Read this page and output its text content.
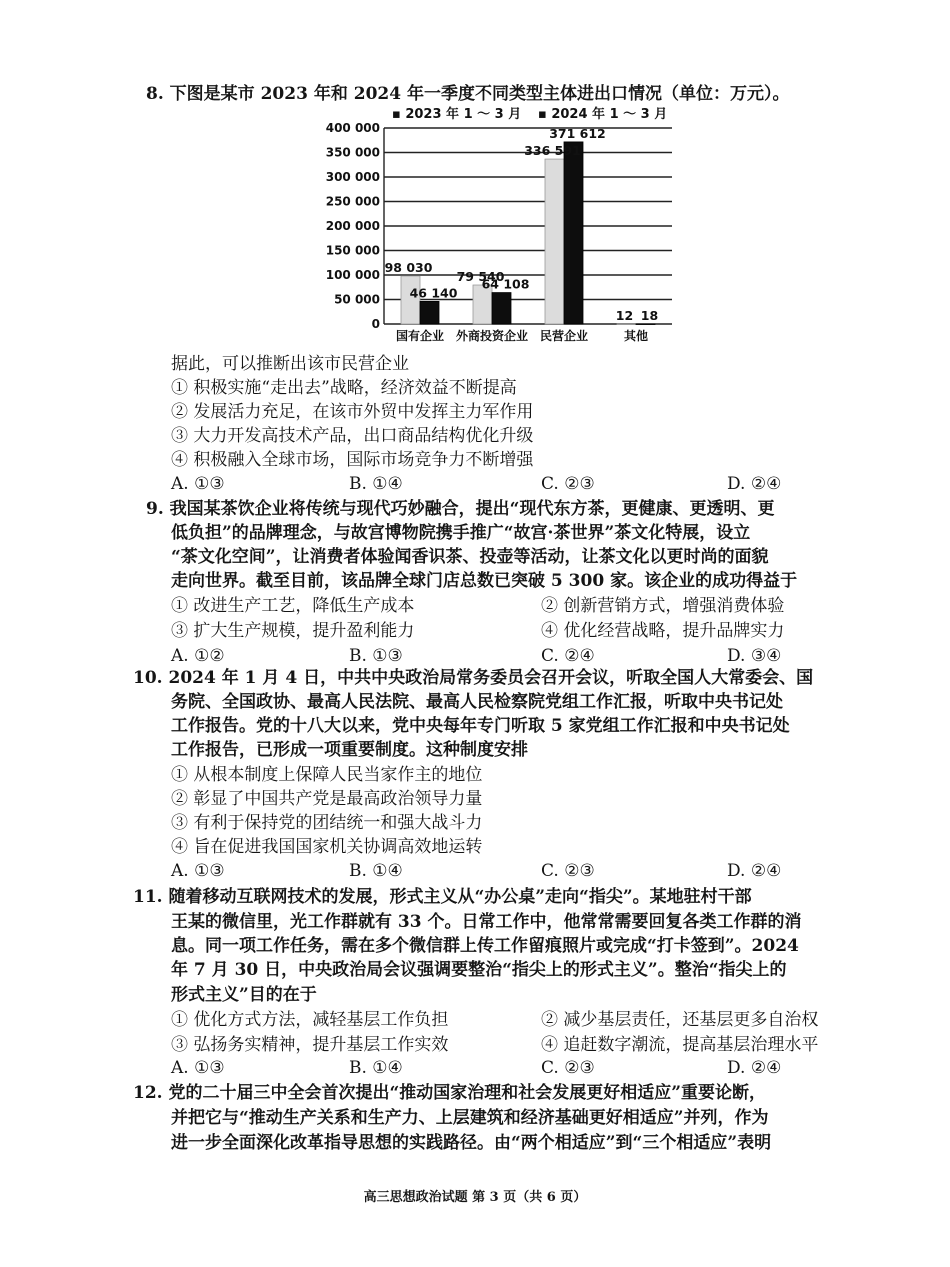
8. 下图是某市 2023 年和 2024 年一季度不同类型主体进出口情况（单位：万元）。
0
50 000
100 000
150 000
200 000
250 000
300 000
350 000
400 000
国有企业 外商投资企业 民营企业	其他
98 030
46 140
79 540
64 108
336 591
371 612
12 18
▪ 2023 年 1 ～ 3 月 ▪ 2024 年 1 ～ 3 月
据此，可以推断出该市民营企业
① 积极实施“走出去”战略，经济效益不断提高
② 发展活力充足，在该市外贸中发挥主力军作用
③ 大力开发高技术产品，出口商品结构优化升级
④ 积极融入全球市场，国际市场竞争力不断增强
A. ①③	B. ①④	C. ②③	D. ②④
9. 我国某茶饮企业将传统与现代巧妙融合，提出“现代东方茶，更健康、更透明、更
低负担”的品牌理念，与故宫博物院携手推广“故宫·茶世界”茶文化特展，设立
“茶文化空间”，让消费者体验闻香识茶、投壶等活动，让茶文化以更时尚的面貌
走向世界。截至目前，该品牌全球门店总数已突破 5 300 家。该企业的成功得益于
① 改进生产工艺，降低生产成本	② 创新营销方式，增强消费体验
③ 扩大生产规模，提升盈利能力	④ 优化经营战略，提升品牌实力
A. ①②	B. ①③	C. ②④	D. ③④
10. 2024 年 1 月 4 日，中共中央政治局常务委员会召开会议，听取全国人大常委会、国
务院、全国政协、最高人民法院、最高人民检察院党组工作汇报，听取中央书记处
工作报告。党的十八大以来，党中央每年专门听取 5 家党组工作汇报和中央书记处
工作报告，已形成一项重要制度。这种制度安排
① 从根本制度上保障人民当家作主的地位
② 彰显了中国共产党是最高政治领导力量
③ 有利于保持党的团结统一和强大战斗力
④ 旨在促进我国国家机关协调高效地运转
A. ①③	B. ①④	C. ②③	D. ②④
11. 随着移动互联网技术的发展，形式主义从“办公桌”走向“指尖”。某地驻村干部
王某的微信里，光工作群就有 33 个。日常工作中，他常常需要回复各类工作群的消
息。同一项工作任务，需在多个微信群上传工作留痕照片或完成“打卡签到”。2024
年 7 月 30 日，中央政治局会议强调要整治“指尖上的形式主义”。整治“指尖上的
形式主义”目的在于
① 优化方式方法，减轻基层工作负担	② 减少基层责任，还基层更多自治权
③ 弘扬务实精神，提升基层工作实效	④ 追赶数字潮流，提高基层治理水平
A. ①③	B. ①④	C. ②③	D. ②④
12. 党的二十届三中全会首次提出“推动国家治理和社会发展更好相适应”重要论断，
并把它与“推动生产关系和生产力、上层建筑和经济基础更好相适应”并列，作为
进一步全面深化改革指导思想的实践路径。由“两个相适应”到“三个相适应”表明
高三思想政治试题 第 3 页（共 6 页）
